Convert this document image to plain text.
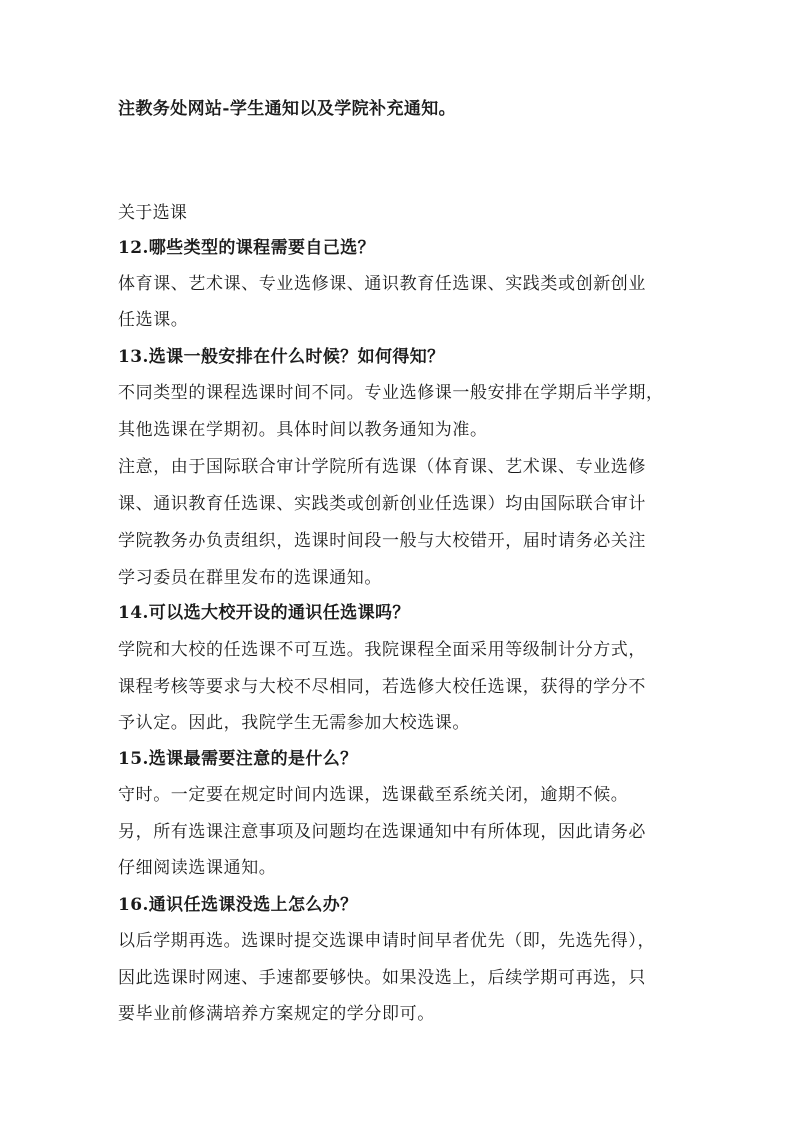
注教务处网站-学生通知以及学院补充通知。
关于选课
12.哪些类型的课程需要自己选？
体育课、艺术课、专业选修课、通识教育任选课、实践类或创新创业
任选课。
13.选课一般安排在什么时候？如何得知？
不同类型的课程选课时间不同。专业选修课一般安排在学期后半学期，
其他选课在学期初。具体时间以教务通知为准。
注意，由于国际联合审计学院所有选课（体育课、艺术课、专业选修
课、通识教育任选课、实践类或创新创业任选课）均由国际联合审计
学院教务办负责组织，选课时间段一般与大校错开，届时请务必关注
学习委员在群里发布的选课通知。
14.可以选大校开设的通识任选课吗？
学院和大校的任选课不可互选。我院课程全面采用等级制计分方式，
课程考核等要求与大校不尽相同，若选修大校任选课，获得的学分不
予认定。因此，我院学生无需参加大校选课。
15.选课最需要注意的是什么？
守时。一定要在规定时间内选课，选课截至系统关闭，逾期不候。
另，所有选课注意事项及问题均在选课通知中有所体现，因此请务必
仔细阅读选课通知。
16.通识任选课没选上怎么办？
以后学期再选。选课时提交选课申请时间早者优先（即，先选先得），
因此选课时网速、手速都要够快。如果没选上，后续学期可再选，只
要毕业前修满培养方案规定的学分即可。
